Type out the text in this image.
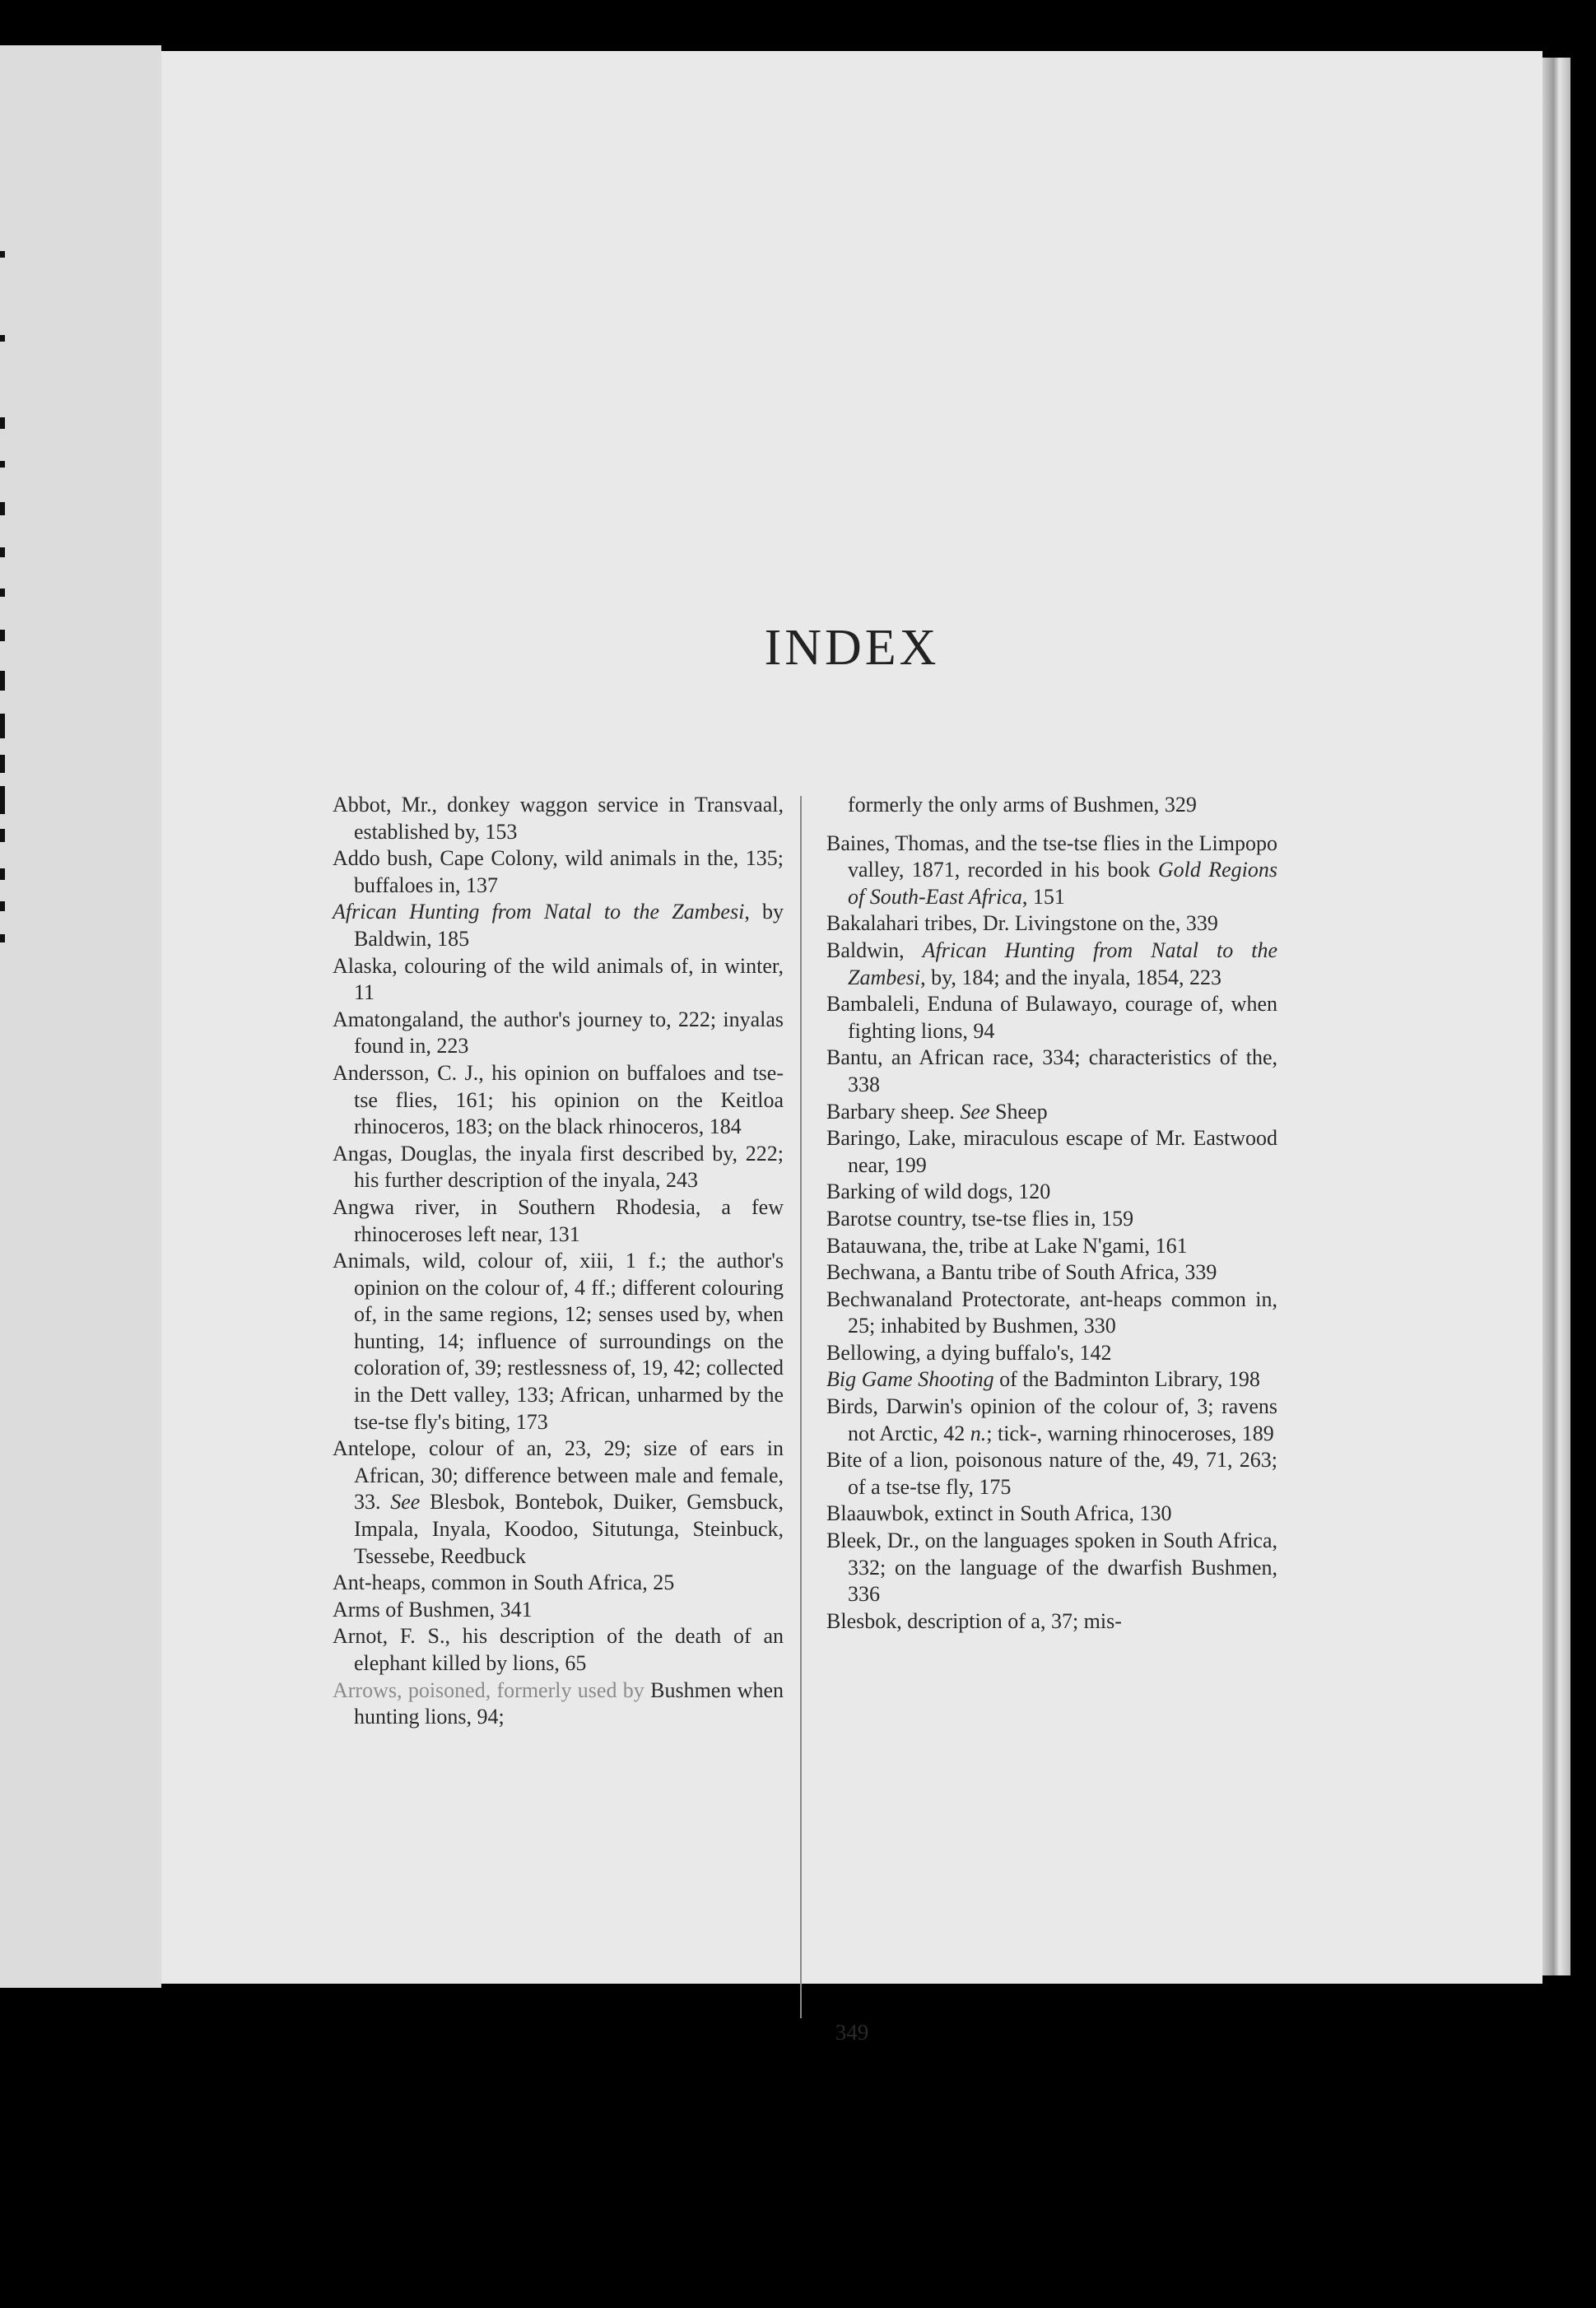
INDEX
Abbot, Mr., donkey waggon service in Transvaal, established by, 153
Addo bush, Cape Colony, wild animals in the, 135; buffaloes in, 137
African Hunting from Natal to the Zambesi, by Baldwin, 185
Alaska, colouring of the wild animals of, in winter, 11
Amatongaland, the author's journey to, 222; inyalas found in, 223
Andersson, C. J., his opinion on buffaloes and tse-tse flies, 161; his opinion on the Keitloa rhinoceros, 183; on the black rhinoceros, 184
Angas, Douglas, the inyala first described by, 222; his further description of the inyala, 243
Angwa river, in Southern Rhodesia, a few rhinoceroses left near, 131
Animals, wild, colour of, xiii, 1 f.; the author's opinion on the colour of, 4 ff.; different colouring of, in the same regions, 12; senses used by, when hunting, 14; influence of surroundings on the coloration of, 39; restlessness of, 19, 42; collected in the Dett valley, 133; African, unharmed by the tse-tse fly's biting, 173
Antelope, colour of an, 23, 29; size of ears in African, 30; difference between male and female, 33. See Blesbok, Bontebok, Duiker, Gemsbuck, Impala, Inyala, Koodoo, Situtunga, Steinbuck, Tsessebe, Reedbuck
Ant-heaps, common in South Africa, 25
Arms of Bushmen, 341
Arnot, F. S., his description of the death of an elephant killed by lions, 65
Arrows, poisoned, formerly used by Bushmen when hunting lions, 94;
formerly the only arms of Bushmen, 329
Baines, Thomas, and the tse-tse flies in the Limpopo valley, 1871, recorded in his book Gold Regions of South-East Africa, 151
Bakalahari tribes, Dr. Livingstone on the, 339
Baldwin, African Hunting from Natal to the Zambesi, by, 184; and the inyala, 1854, 223
Bambaleli, Enduna of Bulawayo, courage of, when fighting lions, 94
Bantu, an African race, 334; characteristics of the, 338
Barbary sheep. See Sheep
Baringo, Lake, miraculous escape of Mr. Eastwood near, 199
Barking of wild dogs, 120
Barotse country, tse-tse flies in, 159
Batauwana, the, tribe at Lake N'gami, 161
Bechwana, a Bantu tribe of South Africa, 339
Bechwanaland Protectorate, ant-heaps common in, 25; inhabited by Bushmen, 330
Bellowing, a dying buffalo's, 142
Big Game Shooting of the Badminton Library, 198
Birds, Darwin's opinion of the colour of, 3; ravens not Arctic, 42 n.; tick-, warning rhinoceroses, 189
Bite of a lion, poisonous nature of the, 49, 71, 263; of a tse-tse fly, 175
Blaauwbok, extinct in South Africa, 130
Bleek, Dr., on the languages spoken in South Africa, 332; on the language of the dwarfish Bushmen, 336
Blesbok, description of a, 37; mis-
349
